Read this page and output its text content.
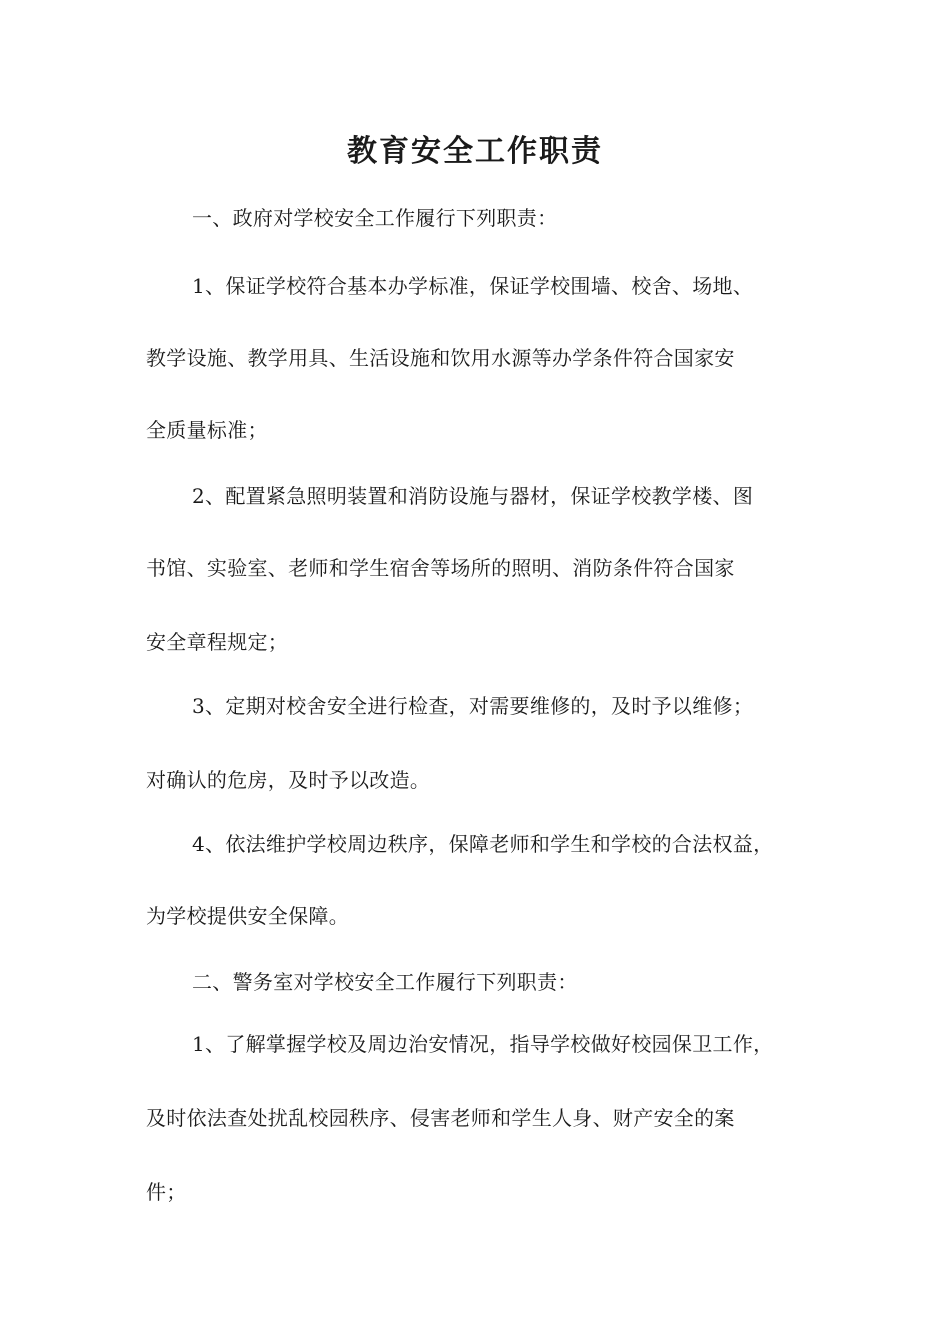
教育安全工作职责
一、政府对学校安全工作履行下列职责：
1、保证学校符合基本办学标准，保证学校围墙、校舍、场地、
教学设施、教学用具、生活设施和饮用水源等办学条件符合国家安
全质量标准；
2、配置紧急照明装置和消防设施与器材，保证学校教学楼、图
书馆、实验室、老师和学生宿舍等场所的照明、消防条件符合国家
安全章程规定；
3、定期对校舍安全进行检查，对需要维修的，及时予以维修；
对确认的危房，及时予以改造。
4、依法维护学校周边秩序，保障老师和学生和学校的合法权益，
为学校提供安全保障。
二、警务室对学校安全工作履行下列职责：
1、了解掌握学校及周边治安情况，指导学校做好校园保卫工作，
及时依法查处扰乱校园秩序、侵害老师和学生人身、财产安全的案
件；
